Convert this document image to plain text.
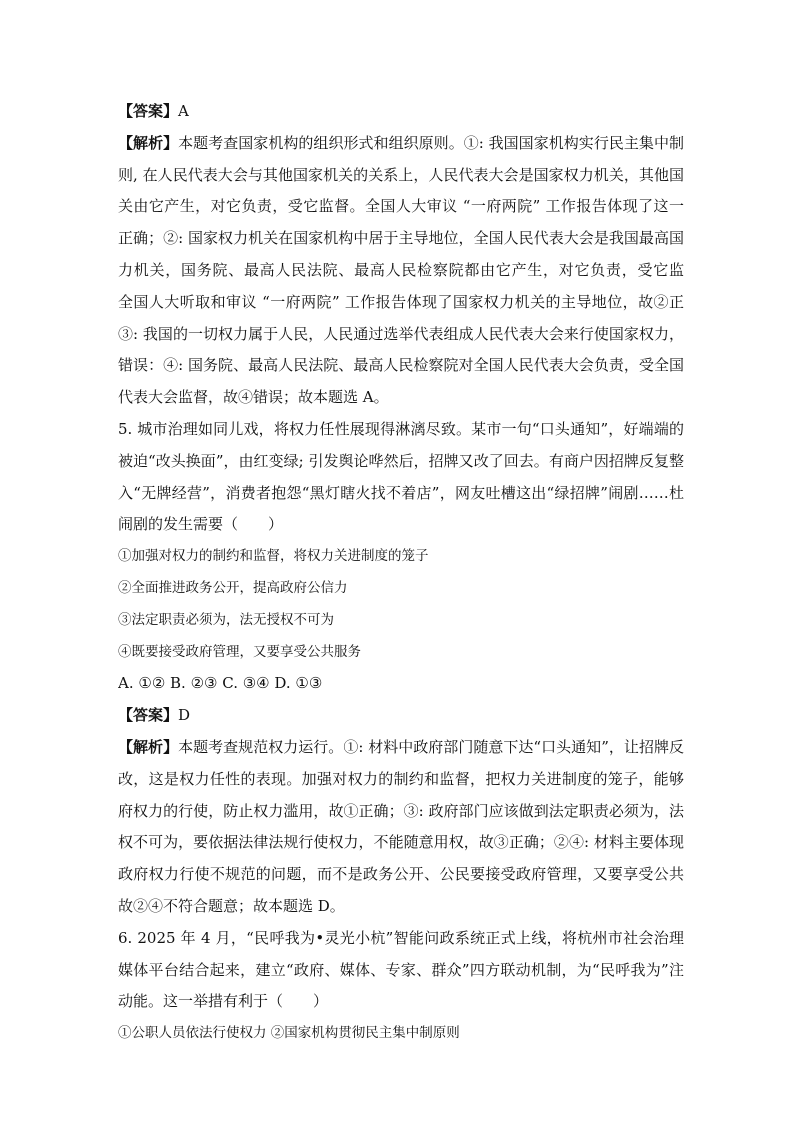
【答案】A
【解析】本题考查国家机构的组织形式和组织原则。①: 我国国家机构实行民主集中制
则, 在人民代表大会与其他国家机关的关系上，人民代表大会是国家权力机关，其他国
关由它产生，对它负责，受它监督。全国人大审议 “一府两院” 工作报告体现了这一
正确；②: 国家权力机关在国家机构中居于主导地位，全国人民代表大会是我国最高国
力机关，国务院、最高人民法院、最高人民检察院都由它产生，对它负责，受它监
全国人大听取和审议 “一府两院” 工作报告体现了国家权力机关的主导地位，故②正
③: 我国的一切权力属于人民，人民通过选举代表组成人民代表大会来行使国家权力，
错误：④: 国务院、最高人民法院、最高人民检察院对全国人民代表大会负责，受全国
代表大会监督，故④错误；故本题选 A。
5. 城市治理如同儿戏，将权力任性展现得淋漓尽致。某市一句“口头通知”，好端端的
被迫“改头换面”，由红变绿; 引发舆论哗然后，招牌又改了回去。有商户因招牌反复整
入“无牌经营”，消费者抱怨“黑灯瞎火找不着店”，网友吐槽这出“绿招牌”闹剧……杜
闹剧的发生需要（　　）
①加强对权力的制约和监督，将权力关进制度的笼子
②全面推进政务公开，提高政府公信力
③法定职责必须为，法无授权不可为
④既要接受政府管理，又要享受公共服务
A. ①② B. ②③ C. ③④ D. ①③
【答案】D
【解析】本题考查规范权力运行。①: 材料中政府部门随意下达“口头通知”，让招牌反
改，这是权力任性的表现。加强对权力的制约和监督，把权力关进制度的笼子，能够
府权力的行使，防止权力滥用，故①正确；③: 政府部门应该做到法定职责必须为，法
权不可为，要依据法律法规行使权力，不能随意用权，故③正确；②④: 材料主要体现
政府权力行使不规范的问题，而不是政务公开、公民要接受政府管理，又要享受公共
故②④不符合题意；故本题选 D。
6. 2025 年 4 月，“民呼我为•灵光小杭”智能问政系统正式上线，将杭州市社会治理
媒体平台结合起来，建立“政府、媒体、专家、群众”四方联动机制，为“民呼我为”注
动能。这一举措有利于（　　）
①公职人员依法行使权力 ②国家机构贯彻民主集中制原则
